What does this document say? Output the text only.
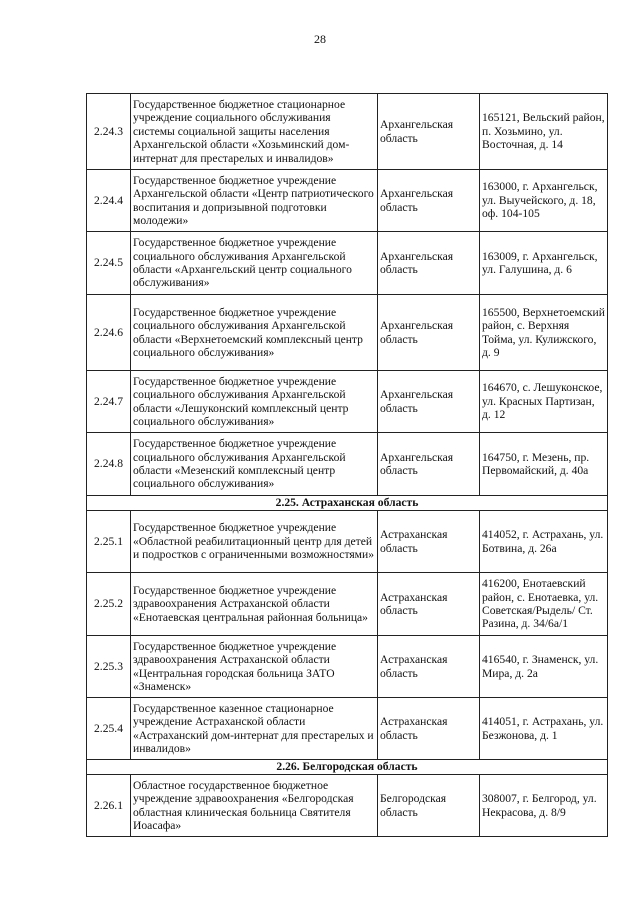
28
2.24.3	Государственное бюджетное стационарное учреждение социального обслуживания системы социальной защиты населения Архангельской области «Хозьминский дом-интернат для престарелых и инвалидов»	Архангельская область	165121, Вельский район, п. Хозьмино, ул. Восточная, д. 14
2.24.4	Государственное бюджетное учреждение Архангельской области «Центр патриотического воспитания и допризывной подготовки молодежи»	Архангельская область	163000, г. Архангельск, ул. Выучейского, д. 18, оф. 104-105
2.24.5	Государственное бюджетное учреждение социального обслуживания Архангельской области «Архангельский центр социального обслуживания»	Архангельская область	163009, г. Архангельск, ул. Галушина, д. 6
2.24.6	Государственное бюджетное учреждение социального обслуживания Архангельской области «Верхнетоемский комплексный центр социального обслуживания»	Архангельская область	165500, Верхнетоемский район, с. Верхняя Тойма, ул. Кулижского, д. 9
2.24.7	Государственное бюджетное учреждение социального обслуживания Архангельской области «Лешуконский комплексный центр социального обслуживания»	Архангельская область	164670, с. Лешуконское, ул. Красных Партизан, д. 12
2.24.8	Государственное бюджетное учреждение социального обслуживания Архангельской области «Мезенский комплексный центр социального обслуживания»	Архангельская область	164750, г. Мезень, пр. Первомайский, д. 40а
2.25. Астраханская область			
2.25.1	Государственное бюджетное учреждение «Областной реабилитационный центр для детей и подростков с ограниченными возможностями»	Астраханская область	414052, г. Астрахань, ул. Ботвина, д. 26а
2.25.2	Государственное бюджетное учреждение здравоохранения Астраханской области «Енотаевская центральная районная больница»	Астраханская область	416200, Енотаевский район, с. Енотаевка, ул. Советская/Рыдель/ Ст. Разина, д. 34/6а/1
2.25.3	Государственное бюджетное учреждение здравоохранения Астраханской области «Центральная городская больница ЗАТО «Знаменск»	Астраханская область	416540, г. Знаменск, ул. Мира, д. 2а
2.25.4	Государственное казенное стационарное учреждение Астраханской области «Астраханский дом-интернат для престарелых и инвалидов»	Астраханская область	414051, г. Астрахань, ул. Безжонова, д. 1
2.26. Белгородская область			
2.26.1	Областное государственное бюджетное учреждение здравоохранения «Белгородская областная клиническая больница Святителя Иоасафа»	Белгородская область	308007, г. Белгород, ул. Некрасова, д. 8/9
